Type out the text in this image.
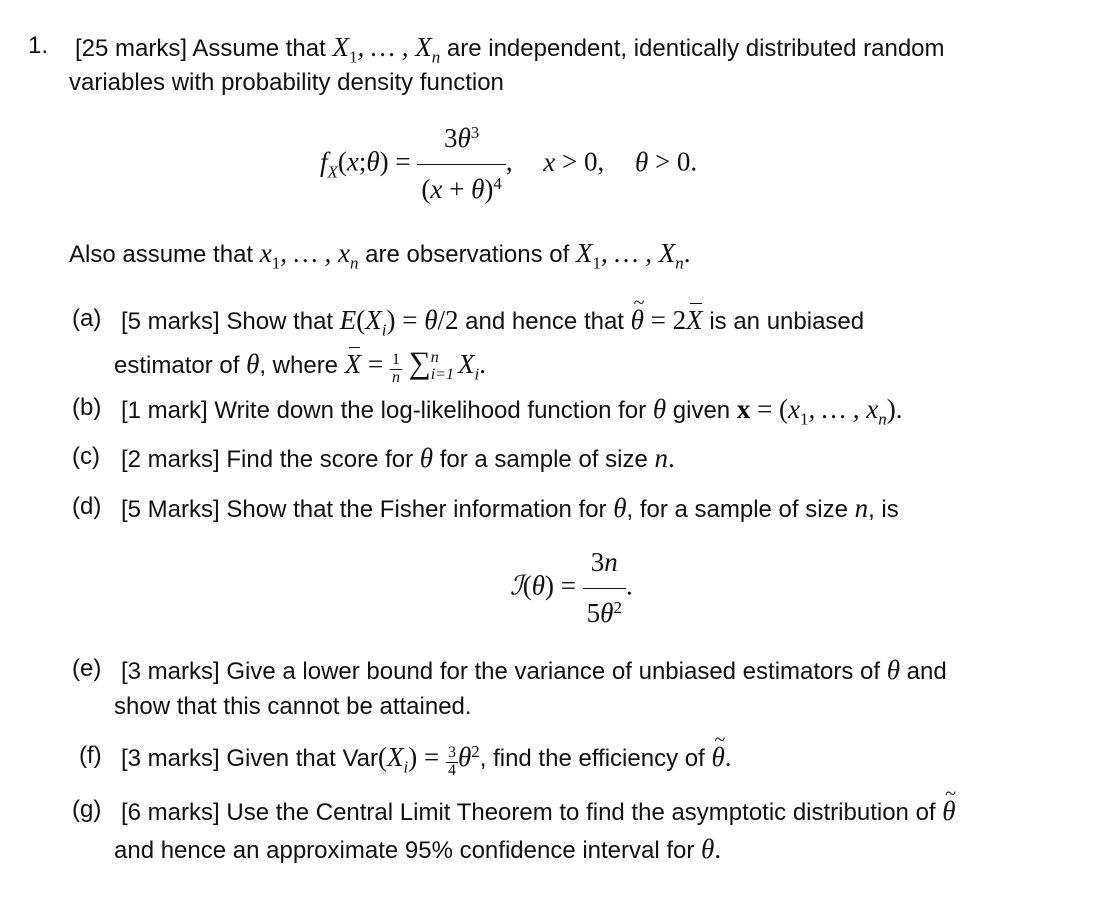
1. [25 marks] Assume that $X_1$, … , $X_n$ are independent, identically distributed random
variables with probability density function
$f_X(x;\theta) = \frac{3\theta^3}{(x + \theta)^4}$ , x > 0, θ > 0.
Also assume that $x_1$, … , $x_n$ are observations of $X_1$, … , $X_n$.
(a) [5 marks] Show that $E(X_i) = \theta/2$ and hence that ~ θ = 2X is an unbiased
estimator of θ, where $X = \frac{1}{n}$ ∑ n
i=1 $X_i$.
(b) [1 mark] Write down the log-likelihood function for θ given $x = (x_1$, … , $x_n$).
(c) [2 marks] Find the score for θ for a sample of size n.
(d) [5 Marks] Show that the Fisher information for θ, for a sample of size n, is
ℐ(θ) = $\frac{3n}{5\theta^2}$ .
(e) [3 marks] Give a lower bound for the variance of unbiased estimators of θ and
show that this cannot be attained.
(f) [3 marks] Given that $Var(X_i) = \frac{3}{4} \theta^2$, find the efficiency of ~ θ.
(g) [6 marks] Use the Central Limit Theorem to find the asymptotic distribution of ~ θ
and hence an approximate 95% confidence interval for θ.
